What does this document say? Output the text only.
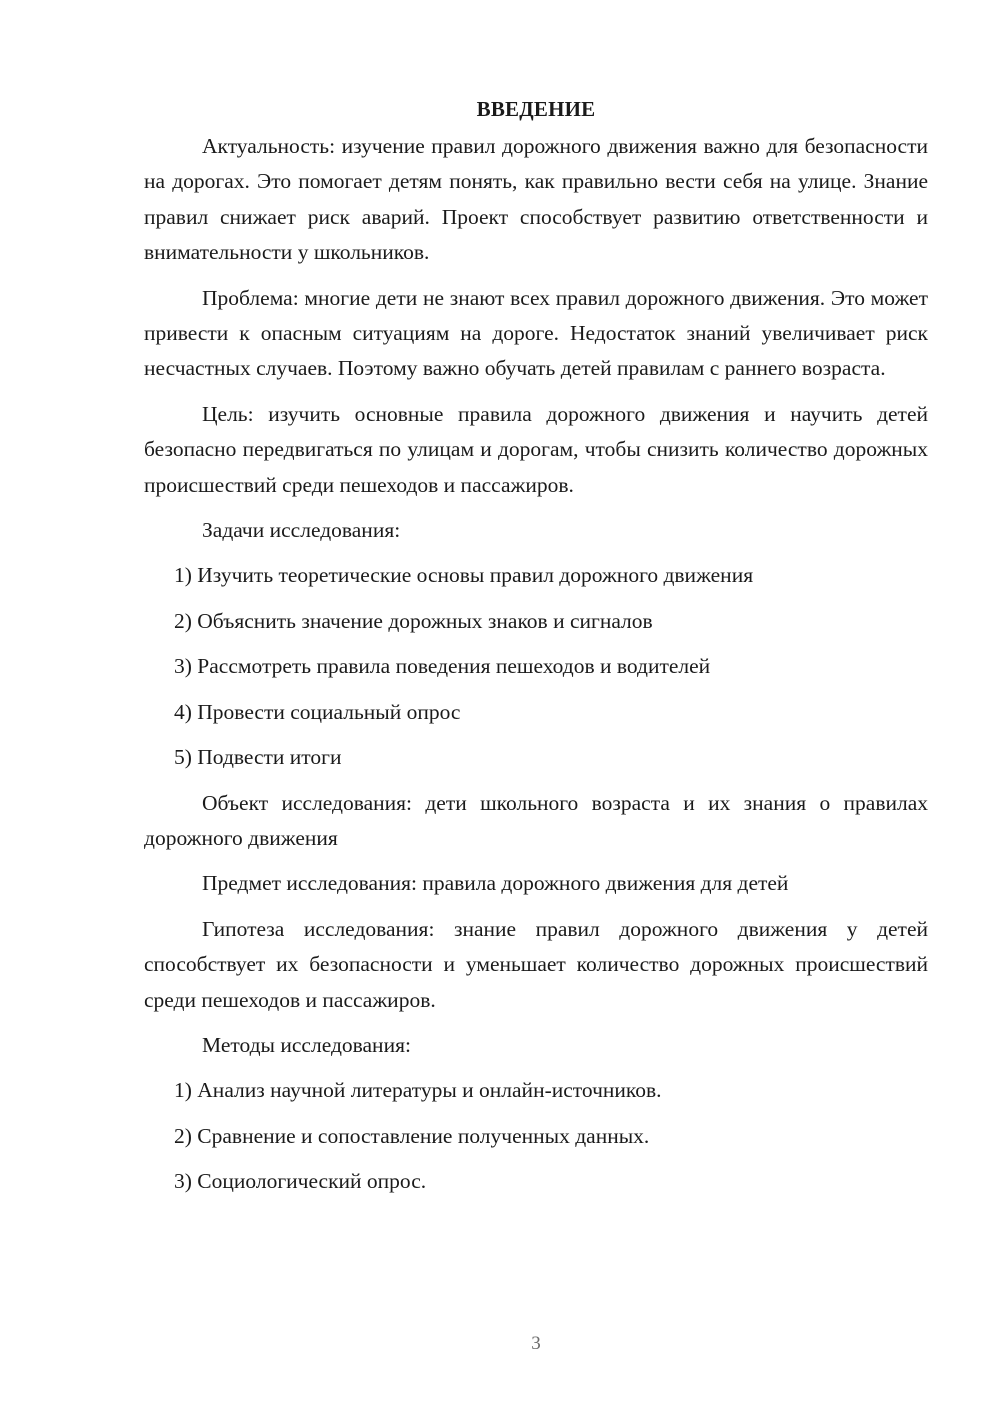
ВВЕДЕНИЕ

Актуальность: изучение правил дорожного движения важно для безопасности на дорогах. Это помогает детям понять, как правильно вести себя на улице. Знание правил снижает риск аварий. Проект способствует развитию ответственности и внимательности у школьников.

Проблема: многие дети не знают всех правил дорожного движения. Это может привести к опасным ситуациям на дороге. Недостаток знаний увеличивает риск несчастных случаев. Поэтому важно обучать детей правилам с раннего возраста.

Цель: изучить основные правила дорожного движения и научить детей безопасно передвигаться по улицам и дорогам, чтобы снизить количество дорожных происшествий среди пешеходов и пассажиров.

Задачи исследования:
1) Изучить теоретические основы правил дорожного движения
2) Объяснить значение дорожных знаков и сигналов
3) Рассмотреть правила поведения пешеходов и водителей
4) Провести социальный опрос
5) Подвести итоги

Объект исследования: дети школьного возраста и их знания о правилах дорожного движения

Предмет исследования: правила дорожного движения для детей

Гипотеза исследования: знание правил дорожного движения у детей способствует их безопасности и уменьшает количество дорожных происшествий среди пешеходов и пассажиров.

Методы исследования:
1) Анализ научной литературы и онлайн-источников.
2) Сравнение и сопоставление полученных данных.
3) Социологический опрос.
3
